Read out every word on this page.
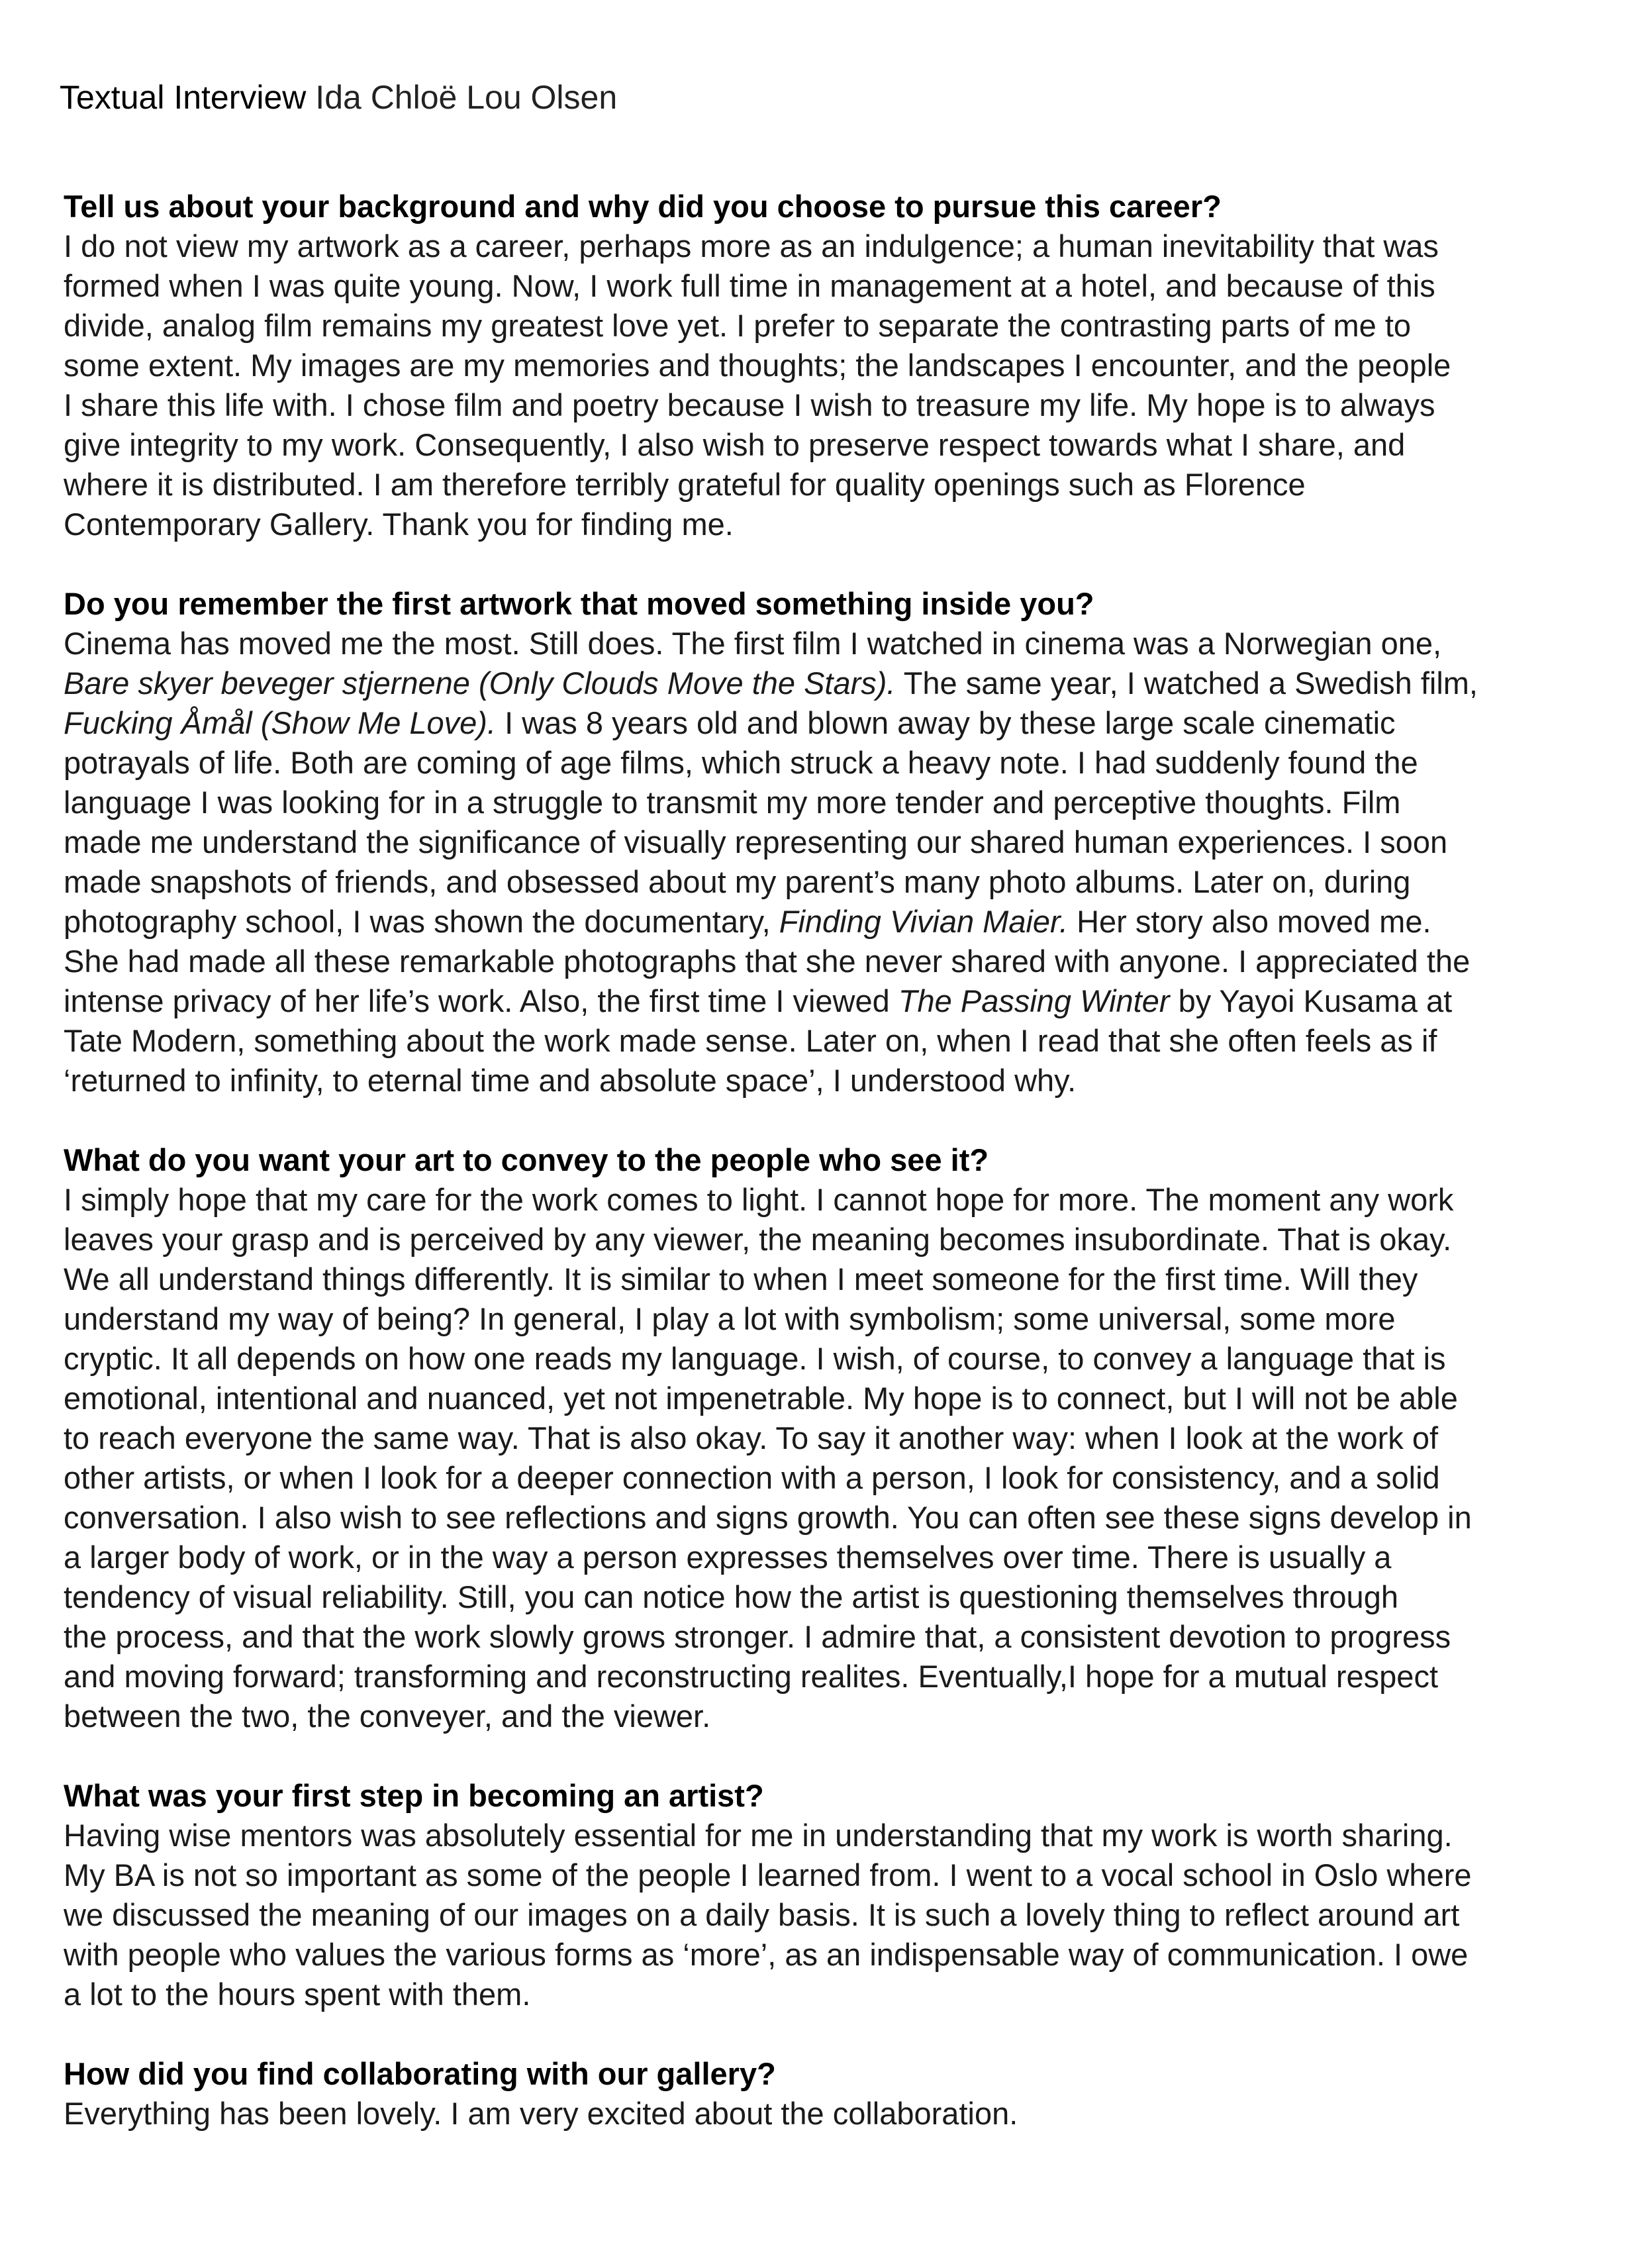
Textual Interview Ida Chloë Lou Olsen

Tell us about your background and why did you choose to pursue this career?

I do not view my artwork as a career, perhaps more as an indulgence; a human inevitability that was
formed when I was quite young. Now, I work full time in management at a hotel, and because of this
divide, analog film remains my greatest love yet. I prefer to separate the contrasting parts of me to
some extent. My images are my memories and thoughts; the landscapes I encounter, and the people
I share this life with. I chose film and poetry because I wish to treasure my life. My hope is to always
give integrity to my work. Consequently, I also wish to preserve respect towards what I share, and
where it is distributed. I am therefore terribly grateful for quality openings such as Florence
Contemporary Gallery. Thank you for finding me.

Do you remember the first artwork that moved something inside you?

Cinema has moved me the most. Still does. The first film I watched in cinema was a Norwegian one,
Bare skyer beveger stjernene (Only Clouds Move the Stars). The same year, I watched a Swedish film,
Fucking Åmål (Show Me Love). I was 8 years old and blown away by these large scale cinematic
potrayals of life. Both are coming of age films, which struck a heavy note. I had suddenly found the
language I was looking for in a struggle to transmit my more tender and perceptive thoughts. Film
made me understand the significance of visually representing our shared human experiences. I soon
made snapshots of friends, and obsessed about my parent’s many photo albums. Later on, during
photography school, I was shown the documentary, Finding Vivian Maier. Her story also moved me.
She had made all these remarkable photographs that she never shared with anyone. I appreciated the
intense privacy of her life’s work. Also, the first time I viewed The Passing Winter by Yayoi Kusama at
Tate Modern, something about the work made sense. Later on, when I read that she often feels as if
‘returned to infinity, to eternal time and absolute space’, I understood why.

What do you want your art to convey to the people who see it?

I simply hope that my care for the work comes to light. I cannot hope for more. The moment any work
leaves your grasp and is perceived by any viewer, the meaning becomes insubordinate. That is okay.
We all understand things differently. It is similar to when I meet someone for the first time. Will they
understand my way of being? In general, I play a lot with symbolism; some universal, some more
cryptic. It all depends on how one reads my language. I wish, of course, to convey a language that is
emotional, intentional and nuanced, yet not impenetrable. My hope is to connect, but I will not be able
to reach everyone the same way. That is also okay. To say it another way: when I look at the work of
other artists, or when I look for a deeper connection with a person, I look for consistency, and a solid
conversation. I also wish to see reflections and signs growth. You can often see these signs develop in
a larger body of work, or in the way a person expresses themselves over time. There is usually a
tendency of visual reliability. Still, you can notice how the artist is questioning themselves through
the process, and that the work slowly grows stronger. I admire that, a consistent devotion to progress
and moving forward; transforming and reconstructing realites. Eventually,I hope for a mutual respect
between the two, the conveyer, and the viewer.

What was your first step in becoming an artist?

Having wise mentors was absolutely essential for me in understanding that my work is worth sharing.
My BA is not so important as some of the people I learned from. I went to a vocal school in Oslo where
we discussed the meaning of our images on a daily basis. It is such a lovely thing to reflect around art
with people who values the various forms as ‘more’, as an indispensable way of communication. I owe
a lot to the hours spent with them.

How did you find collaborating with our gallery?

Everything has been lovely. I am very excited about the collaboration.
